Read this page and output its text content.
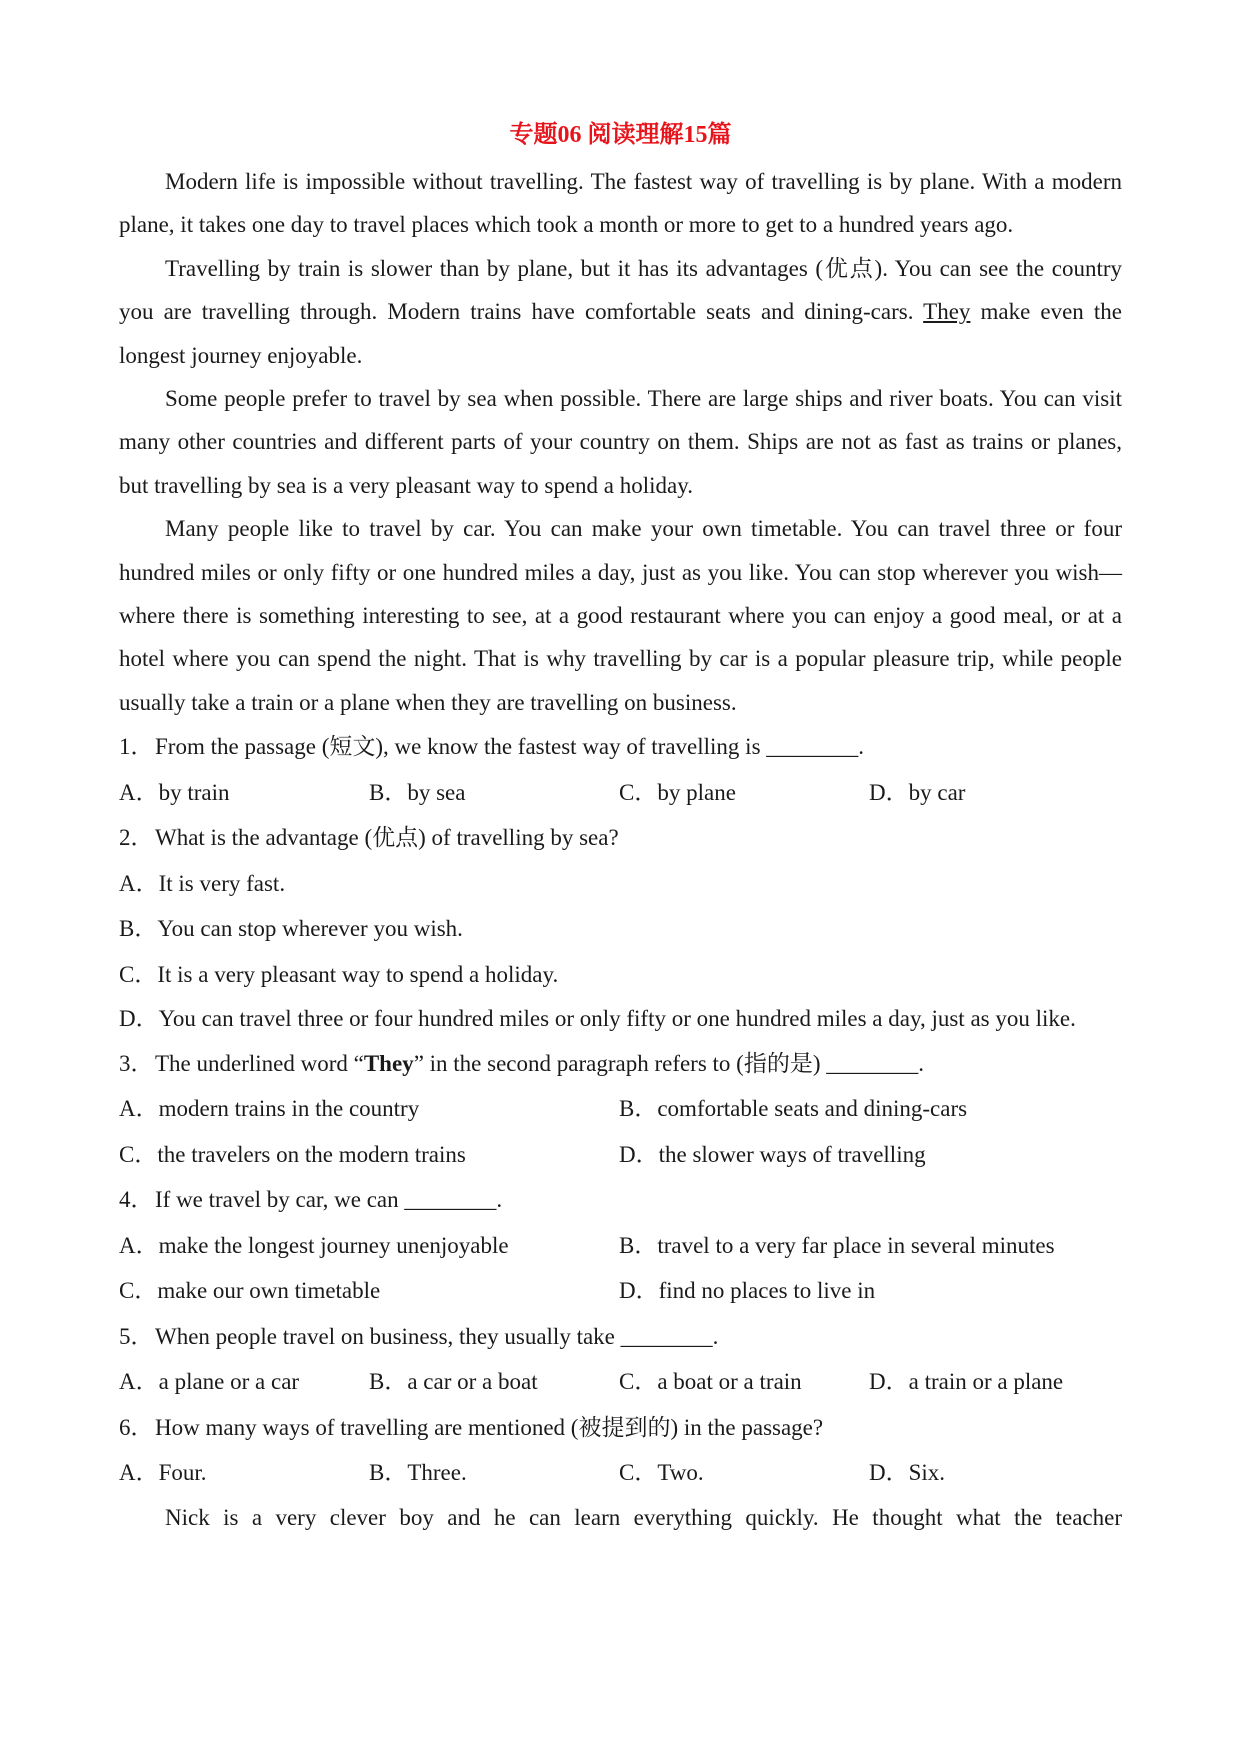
专题06 阅读理解15篇

Modern life is impossible without travelling. The fastest way of travelling is by plane. With a modern plane, it takes one day to travel places which took a month or more to get to a hundred years ago.

Travelling by train is slower than by plane, but it has its advantages (优点). You can see the country you are travelling through. Modern trains have comfortable seats and dining-cars. They make even the longest journey enjoyable.

Some people prefer to travel by sea when possible. There are large ships and river boats. You can visit many other countries and different parts of your country on them. Ships are not as fast as trains or planes, but travelling by sea is a very pleasant way to spend a holiday.

Many people like to travel by car. You can make your own timetable. You can travel three or four hundred miles or only fifty or one hundred miles a day, just as you like. You can stop wherever you wish—where there is something interesting to see, at a good restaurant where you can enjoy a good meal, or at a hotel where you can spend the night. That is why travelling by car is a popular pleasure trip, while people usually take a train or a plane when they are travelling on business.

1．From the passage (短文), we know the fastest way of travelling is ________.

A．by train	B．by sea	C．by plane	D．by car

2．What is the advantage (优点) of travelling by sea?

A．It is very fast.

B．You can stop wherever you wish.

C．It is a very pleasant way to spend a holiday.

D．You can travel three or four hundred miles or only fifty or one hundred miles a day, just as you like.

3．The underlined word “They” in the second paragraph refers to (指的是) ________.

A．modern trains in the country	B．comfortable seats and dining-cars
C．the travelers on the modern trains	D．the slower ways of travelling

4．If we travel by car, we can ________.

A．make the longest journey unenjoyable	B．travel to a very far place in several minutes
C．make our own timetable	D．find no places to live in

5．When people travel on business, they usually take ________.

A．a plane or a car	B．a car or a boat	C．a boat or a train	D．a train or a plane

6．How many ways of travelling are mentioned (被提到的) in the passage?

A．Four.	B．Three.	C．Two.	D．Six.

Nick is a very clever boy and he can learn everything quickly. He thought what the teacher
